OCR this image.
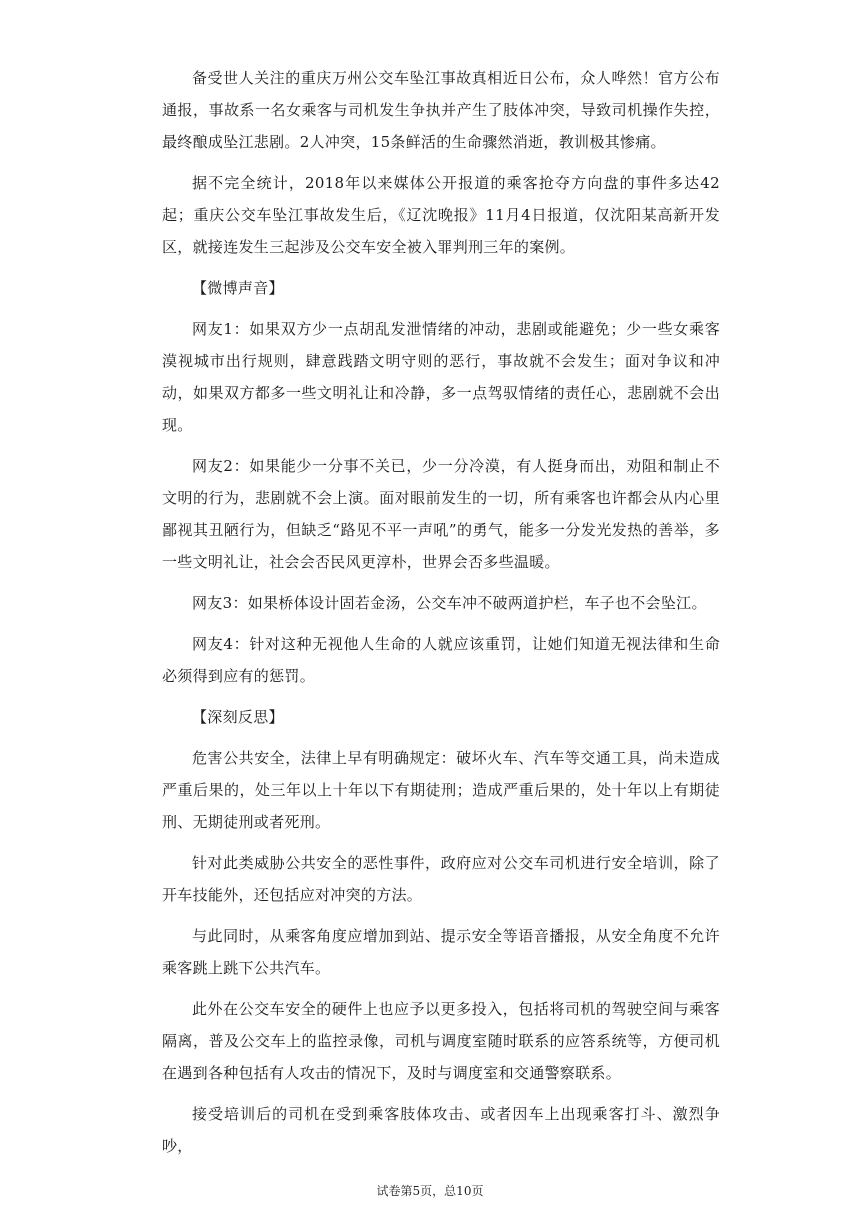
备受世人关注的重庆万州公交车坠江事故真相近日公布，众人哗然！官方公布通报，事故系一名女乘客与司机发生争执并产生了肢体冲突，导致司机操作失控，最终酿成坠江悲剧。2人冲突，15条鲜活的生命骤然消逝，教训极其惨痛。

据不完全统计，2018年以来媒体公开报道的乘客抢夺方向盘的事件多达42起；重庆公交车坠江事故发生后，《辽沈晚报》11月4日报道，仅沈阳某高新开发区，就接连发生三起涉及公交车安全被入罪判刑三年的案例。

【微博声音】

网友1：如果双方少一点胡乱发泄情绪的冲动，悲剧或能避免；少一些女乘客漠视城市出行规则，肆意践踏文明守则的恶行，事故就不会发生；面对争议和冲动，如果双方都多一些文明礼让和冷静，多一点驾驭情绪的责任心，悲剧就不会出现。

网友2：如果能少一分事不关已，少一分冷漠，有人挺身而出，劝阻和制止不文明的行为，悲剧就不会上演。面对眼前发生的一切，所有乘客也许都会从内心里鄙视其丑陋行为，但缺乏“路见不平一声吼”的勇气，能多一分发光发热的善举，多一些文明礼让，社会会否民风更淳朴，世界会否多些温暖。

网友3：如果桥体设计固若金汤，公交车冲不破两道护栏，车子也不会坠江。

网友4：针对这种无视他人生命的人就应该重罚，让她们知道无视法律和生命必须得到应有的惩罚。

【深刻反思】

危害公共安全，法律上早有明确规定：破坏火车、汽车等交通工具，尚未造成严重后果的，处三年以上十年以下有期徒刑；造成严重后果的，处十年以上有期徒刑、无期徒刑或者死刑。

针对此类威胁公共安全的恶性事件，政府应对公交车司机进行安全培训，除了开车技能外，还包括应对冲突的方法。

与此同时，从乘客角度应增加到站、提示安全等语音播报，从安全角度不允许乘客跳上跳下公共汽车。

此外在公交车安全的硬件上也应予以更多投入，包括将司机的驾驶空间与乘客隔离，普及公交车上的监控录像，司机与调度室随时联系的应答系统等，方便司机在遇到各种包括有人攻击的情况下，及时与调度室和交通警察联系。

接受培训后的司机在受到乘客肢体攻击、或者因车上出现乘客打斗、激烈争吵，

试卷第5页，总10页
